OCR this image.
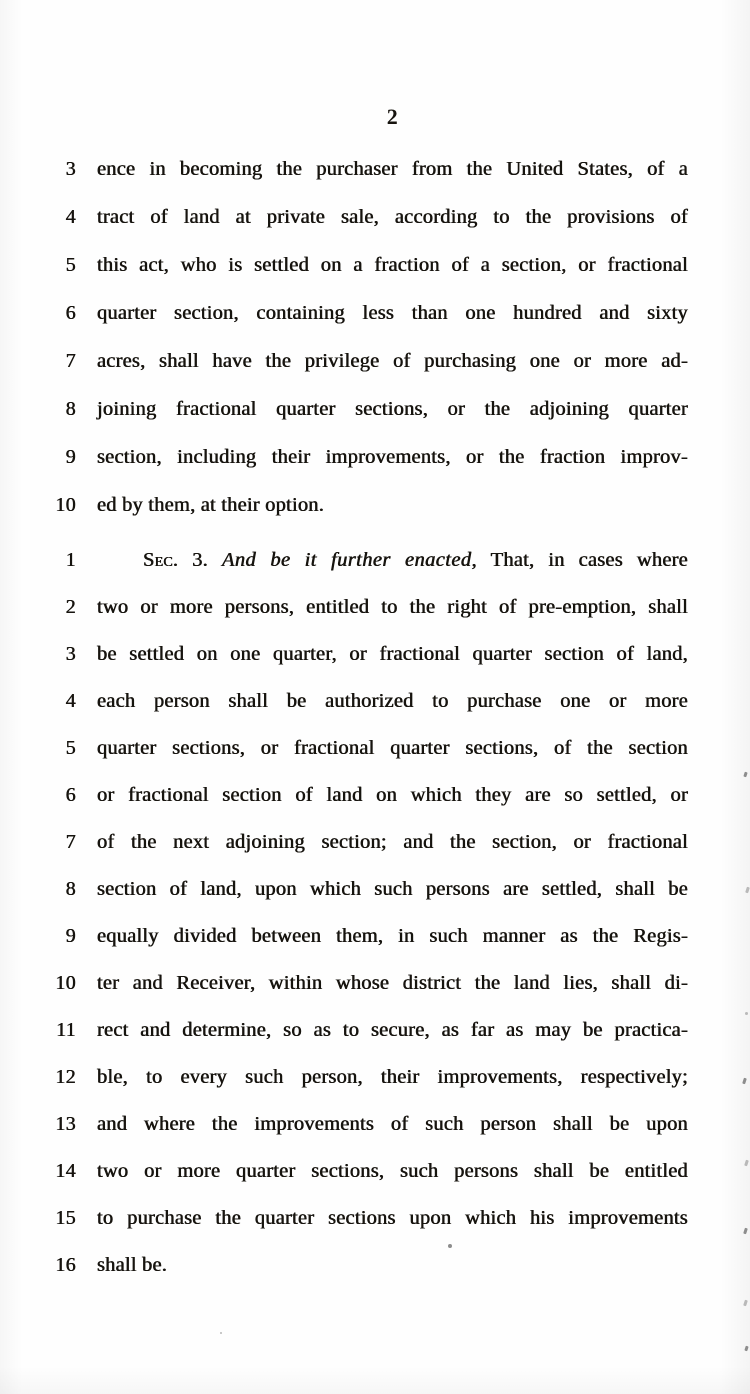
2
3 ence in becoming the purchaser from the United States, of a
4 tract of land at private sale, according to the provisions of
5 this act, who is settled on a fraction of a section, or fractional
6 quarter section, containing less than one hundred and sixty
7 acres, shall have the privilege of purchasing one or more ad-
8 joining fractional quarter sections, or the adjoining quarter
9 section, including their improvements, or the fraction improv-
10 ed by them, at their option.
1	Sec. 3. And be it further enacted, That, in cases where
2 two or more persons, entitled to the right of pre-emption, shall
3 be settled on one quarter, or fractional quarter section of land,
4 each person shall be authorized to purchase one or more
5 quarter sections, or fractional quarter sections, of the section
6 or fractional section of land on which they are so settled, or
7 of the next adjoining section; and the section, or fractional
8 section of land, upon which such persons are settled, shall be
9 equally divided between them, in such manner as the Regis-
10 ter and Receiver, within whose district the land lies, shall di-
11 rect and determine, so as to secure, as far as may be practica-
12 ble, to every such person, their improvements, respectively;
13 and where the improvements of such person shall be upon
14 two or more quarter sections, such persons shall be entitled
15 to purchase the quarter sections upon which his improvements
16 shall be.
